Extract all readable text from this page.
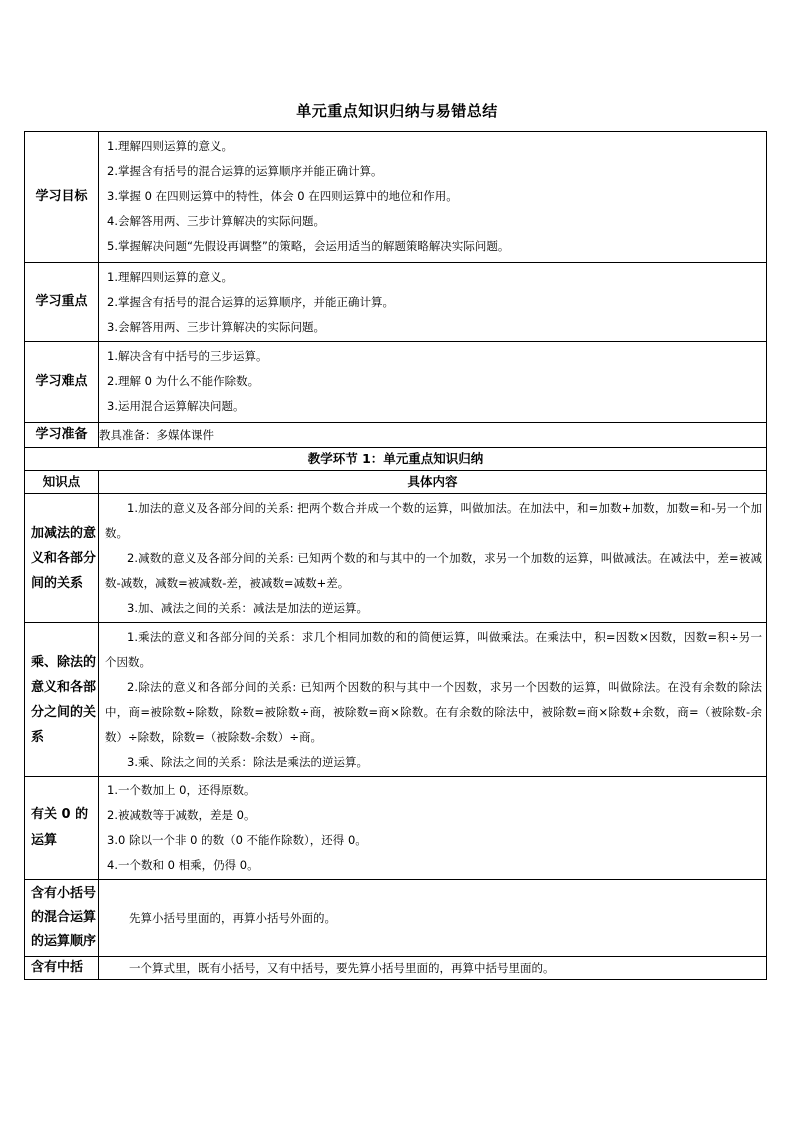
单元重点知识归纳与易错总结
学习目标	1.理解四则运算的意义。
2.掌握含有括号的混合运算的运算顺序并能正确计算。
3.掌握 0 在四则运算中的特性，体会 0 在四则运算中的地位和作用。
4.会解答用两、三步计算解决的实际问题。
5.掌握解决问题“先假设再调整”的策略，会运用适当的解题策略解决实际问题。

学习重点	1.理解四则运算的意义。
2.掌握含有括号的混合运算的运算顺序，并能正确计算。
3.会解答用两、三步计算解决的实际问题。

学习难点	1.解决含有中括号的三步运算。
2.理解 0 为什么不能作除数。
3.运用混合运算解决问题。

学习准备	教具准备：多媒体课件
教学环节 1：单元重点知识归纳	
知识点	具体内容
加减法的意义和各部分间的关系	1.加法的意义及各部分间的关系: 把两个数合并成一个数的运算，叫做加法。在加法中，和=加数+加数，加数=和-另一个加数。
2.减数的意义及各部分间的关系: 已知两个数的和与其中的一个加数，求另一个加数的运算，叫做减法。在减法中，差=被减数-减数，减数=被减数-差，被减数=减数+差。
3.加、减法之间的关系：减法是加法的逆运算。

乘、除法的意义和各部分之间的关系	1.乘法的意义和各部分间的关系：求几个相同加数的和的简便运算，叫做乘法。在乘法中，积=因数×因数，因数=积÷另一个因数。
2.除法的意义和各部分间的关系: 已知两个因数的积与其中一个因数，求另一个因数的运算，叫做除法。在没有余数的除法中，商=被除数÷除数，除数=被除数÷商，被除数=商×除数。在有余数的除法中，被除数=商×除数+余数，商=（被除数-余数）÷除数，除数=（被除数-余数）÷商。
3.乘、除法之间的关系：除法是乘法的逆运算。

有关 0 的运算	1.一个数加上 0，还得原数。
2.被减数等于减数，差是 0。
3.0 除以一个非 0 的数（0 不能作除数），还得 0。
4.一个数和 0 相乘，仍得 0。

含有小括号的混合运算的运算顺序	先算小括号里面的，再算小括号外面的。
含有中括	一个算式里，既有小括号，又有中括号，要先算小括号里面的，再算中括号里面的。
